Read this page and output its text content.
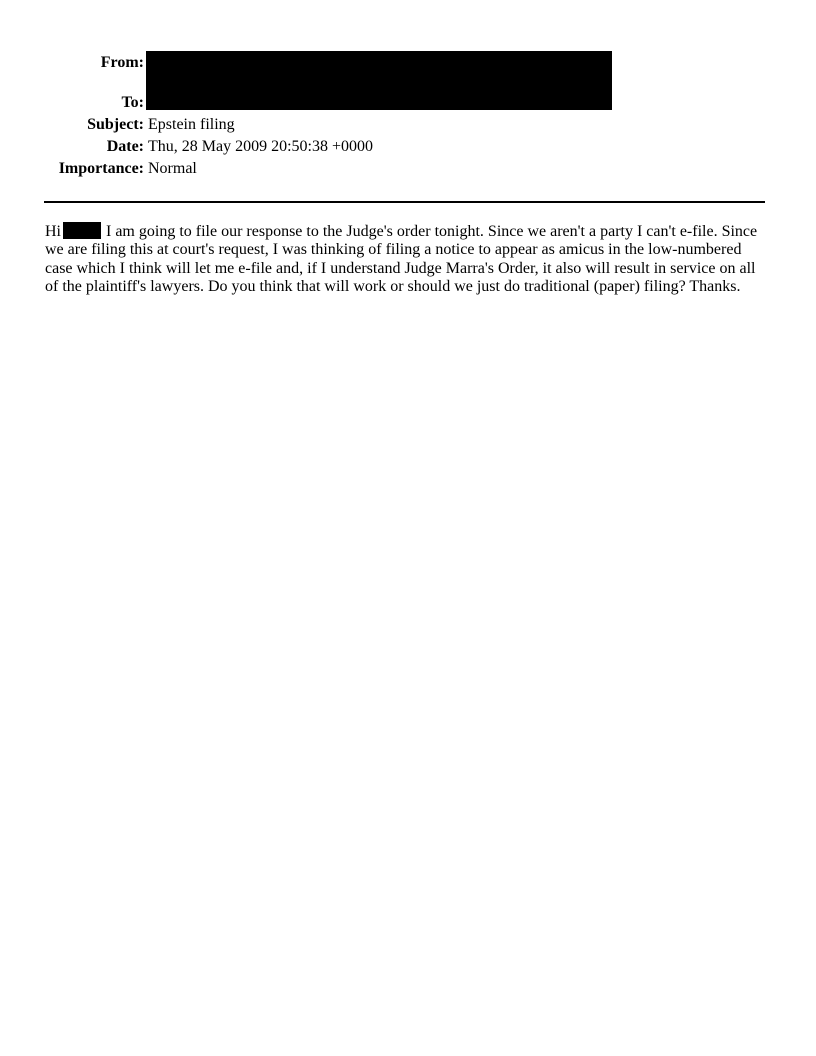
From:
To:
Subject: Epstein filing
Date: Thu, 28 May 2009 20:50:38 +0000
Importance: Normal

Hi	I am going to file our response to the Judge's order tonight. Since we aren't a party I can't e-file. Since we are filing this at court's request, I was thinking of filing a notice to appear as amicus in the low-numbered case which I think will let me e-file and, if I understand Judge Marra's Order, it also will result in service on all of the plaintiff's lawyers. Do you think that will work or should we just do traditional (paper) filing? Thanks.
